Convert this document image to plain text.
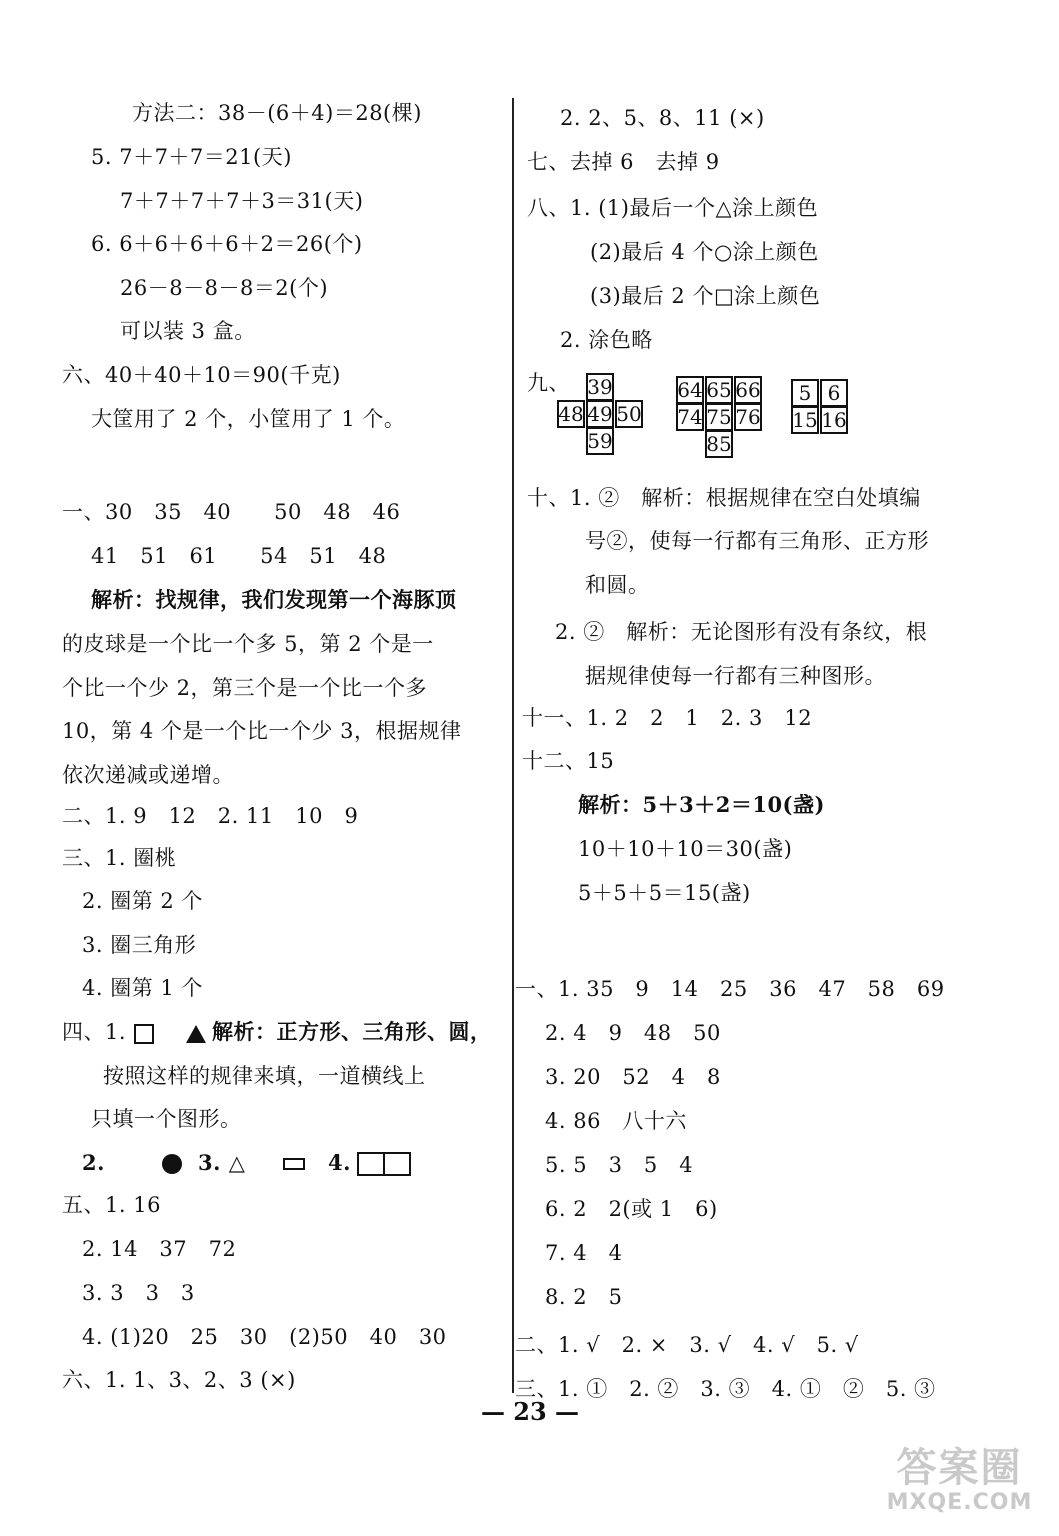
方法二：38－(6＋4)＝28(棵)
5. 7＋7＋7＝21(天)
7＋7＋7＋7＋3＝31(天)
6. 6＋6＋6＋6＋2＝26(个)
26－8－8－8＝2(个)
可以装 3 盒。
六、40＋40＋10＝90(千克)
大筐用了 2 个，小筐用了 1 个。
一、30　35　40　　50　48　46
41　51　61　　54　51　48
解析：找规律，我们发现第一个海豚顶
的皮球是一个比一个多 5，第 2 个是一
个比一个少 2，第三个是一个比一个多
10，第 4 个是一个比一个少 3，根据规律
依次递减或递增。
二、1. 9　12　2. 11　10　9
三、1. 圈桃
2. 圈第 2 个
3. 圈三角形
4. 圈第 1 个
四、1.	解析：正方形、三角形、圆，
按照这样的规律来填，一道横线上
只填一个图形。
2.	3. △	4.
五、1. 16
2. 14　37　72
3. 3　3　3
4. (1)20　25　30　(2)50　40　30
六、1. 1、3、2、3 (×)
2. 2、5、8、11 (×)
七、去掉 6　去掉 9
八、1. (1)最后一个△涂上颜色
(2)最后 4 个○涂上颜色
(3)最后 2 个□涂上颜色
2. 涂色略
九、 39
48 49 50
59
64 65 66
74 75 76
85
5 6
15 16
十、1. ②　解析：根据规律在空白处填编
号②，使每一行都有三角形、正方形
和圆。
2. ②　解析：无论图形有没有条纹，根
据规律使每一行都有三种图形。
十一、1. 2　2　1　2. 3　12
十二、15
解析：5＋3＋2＝10(盏)
10＋10＋10＝30(盏)
5＋5＋5＝15(盏)
一、1. 35　9　14　25　36　47　58　69
2. 4　9　48　50
3. 20　52　4　8
4. 86　八十六
5. 5　3　5　4
6. 2　2(或 1　6)
7. 4　4
8. 2　5
二、1. √　2. ×　3. √　4. √　5. √
三、1. ①　2. ②　3. ③　4. ①　②　5. ③
— 23 —
答案圈
MXQE.COM
